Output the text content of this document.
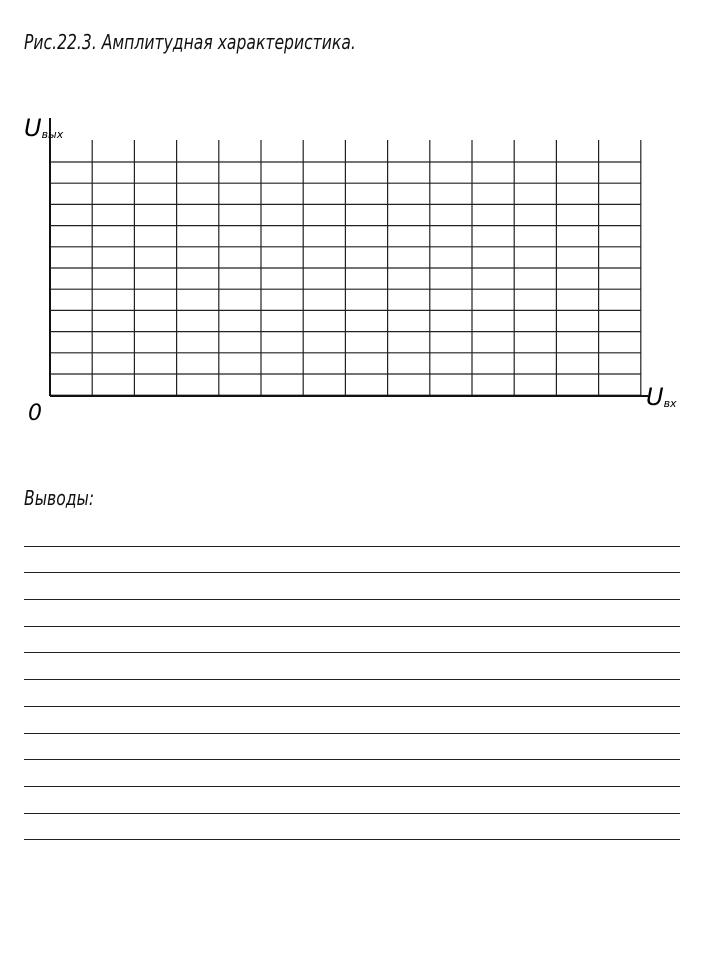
Рис.22.3. Амплитудная характеристика.
Uвых
Uвх
0
Выводы:
